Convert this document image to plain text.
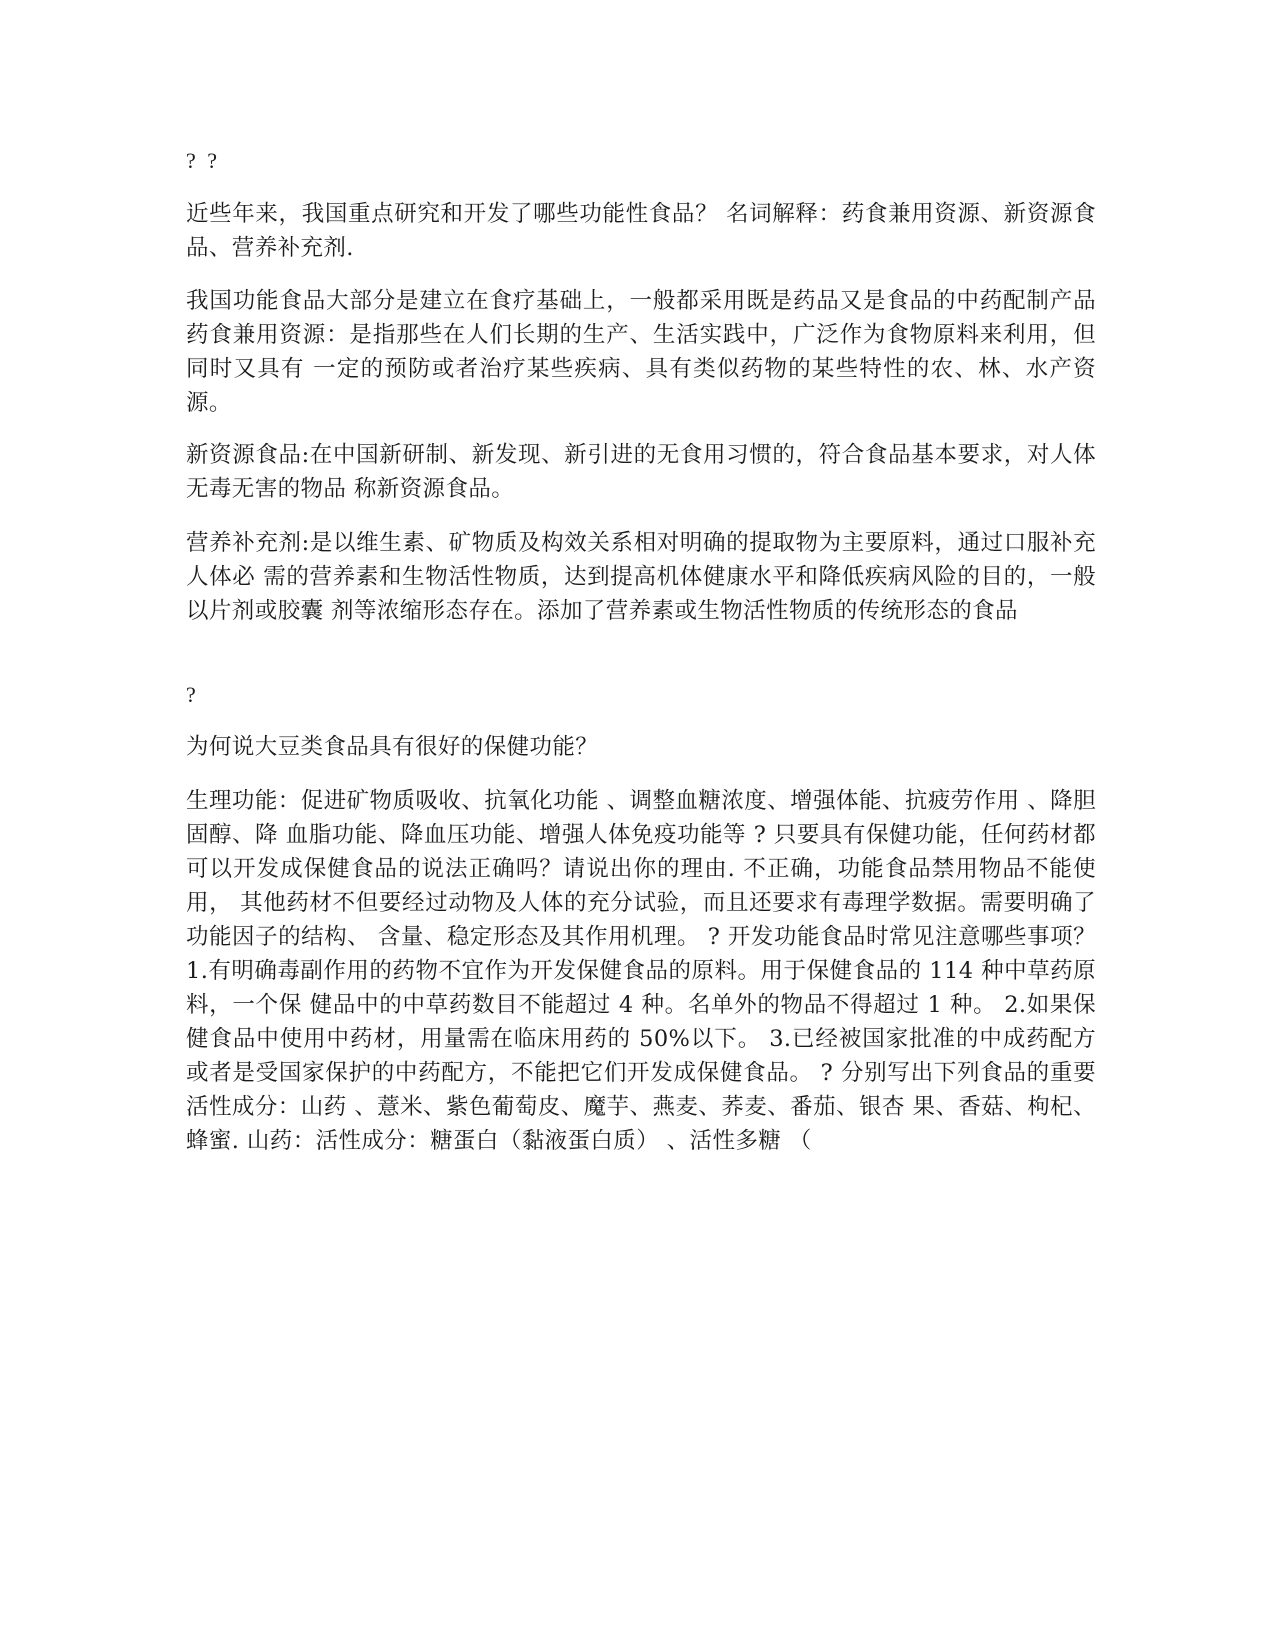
? ?

近些年来，我国重点研究和开发了哪些功能性食品？ 名词解释：药食兼用资源、新资源食品、营养补充剂.

我国功能食品大部分是建立在食疗基础上，一般都采用既是药品又是食品的中药配制产品 药食兼用资源：是指那些在人们长期的生产、生活实践中，广泛作为食物原料来利用，但同时又具有 一定的预防或者治疗某些疾病、具有类似药物的某些特性的农、林、水产资源。

新资源食品:在中国新研制、新发现、新引进的无食用习惯的，符合食品基本要求，对人体无毒无害的物品 称新资源食品。

营养补充剂:是以维生素、矿物质及构效关系相对明确的提取物为主要原料，通过口服补充人体必 需的营养素和生物活性物质，达到提高机体健康水平和降低疾病风险的目的，一般以片剂或胶囊 剂等浓缩形态存在。添加了营养素或生物活性物质的传统形态的食品

?

为何说大豆类食品具有很好的保健功能？

生理功能：促进矿物质吸收、抗氧化功能 、调整血糖浓度、增强体能、抗疲劳作用 、降胆固醇、降 血脂功能、降血压功能、增强人体免疫功能等 ? 只要具有保健功能，任何药材都可以开发成保健食品的说法正确吗？请说出你的理由. 不正确，功能食品禁用物品不能使用， 其他药材不但要经过动物及人体的充分试验，而且还要求有毒理学数据。需要明确了功能因子的结构、 含量、稳定形态及其作用机理。 ? 开发功能食品时常见注意哪些事项？ 1.有明确毒副作用的药物不宜作为开发保健食品的原料。用于保健食品的 114 种中草药原料，一个保 健品中的中草药数目不能超过 4 种。名单外的物品不得超过 1 种。 2.如果保健食品中使用中药材，用量需在临床用药的 50%以下。 3.已经被国家批准的中成药配方或者是受国家保护的中药配方，不能把它们开发成保健食品。 ? 分别写出下列食品的重要活性成分：山药 、薏米、紫色葡萄皮、魔芋、燕麦、荞麦、番茄、银杏 果、香菇、枸杞、蜂蜜. 山药：活性成分：糖蛋白（黏液蛋白质） 、活性多糖 （
